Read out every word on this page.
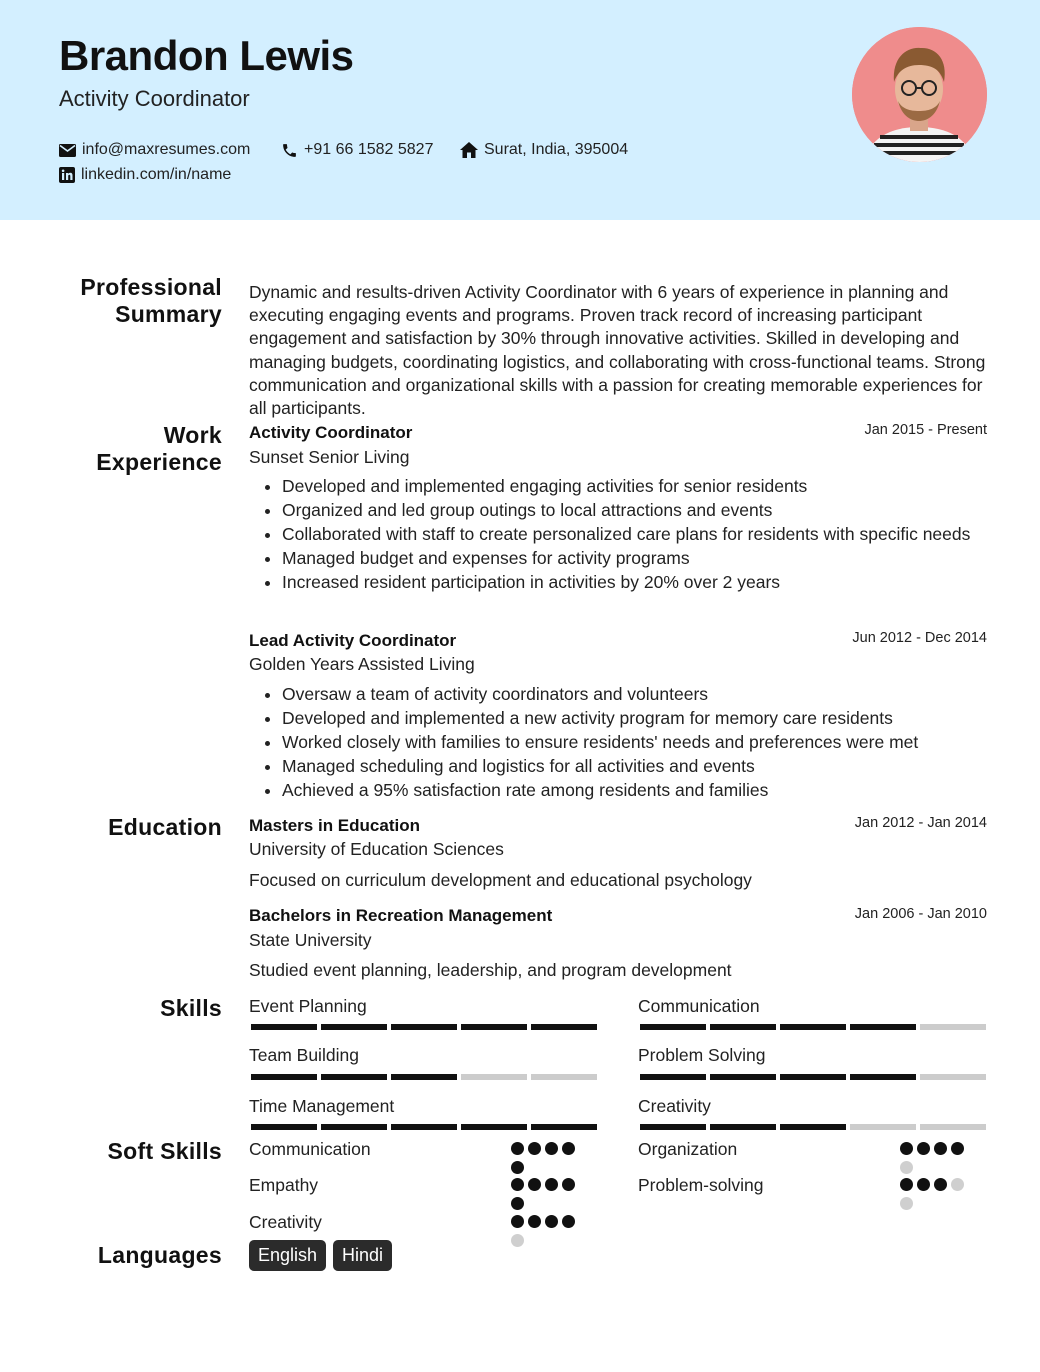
Brandon Lewis
Activity Coordinator
info@maxresumes.com	+91 66 1582 5827	Surat, India, 395004
linkedin.com/in/name
Professional
Summary
Dynamic and results-driven Activity Coordinator with 6 years of experience in planning and executing engaging events and programs. Proven track record of increasing participant engagement and satisfaction by 30% through innovative activities. Skilled in developing and managing budgets, coordinating logistics, and collaborating with cross-functional teams. Strong communication and organizational skills with a passion for creating memorable experiences for all participants.
Work
Experience
Activity Coordinator	Jan 2015 - Present
Sunset Senior Living
• Developed and implemented engaging activities for senior residents
• Organized and led group outings to local attractions and events
• Collaborated with staff to create personalized care plans for residents with specific needs
• Managed budget and expenses for activity programs
• Increased resident participation in activities by 20% over 2 years
Lead Activity Coordinator	Jun 2012 - Dec 2014
Golden Years Assisted Living
• Oversaw a team of activity coordinators and volunteers
• Developed and implemented a new activity program for memory care residents
• Worked closely with families to ensure residents' needs and preferences were met
• Managed scheduling and logistics for all activities and events
• Achieved a 95% satisfaction rate among residents and families
Education Masters in Education	Jan 2012 - Jan 2014
University of Education Sciences
Focused on curriculum development and educational psychology
Bachelors in Recreation Management	Jan 2006 - Jan 2010
State University
Studied event planning, leadership, and program development
Skills Event Planning	Communication
Team Building	Problem Solving
Time Management	Creativity
Soft Skills Communication	Organization
Empathy	Problem-solving
Creativity
Languages	English	Hindi
